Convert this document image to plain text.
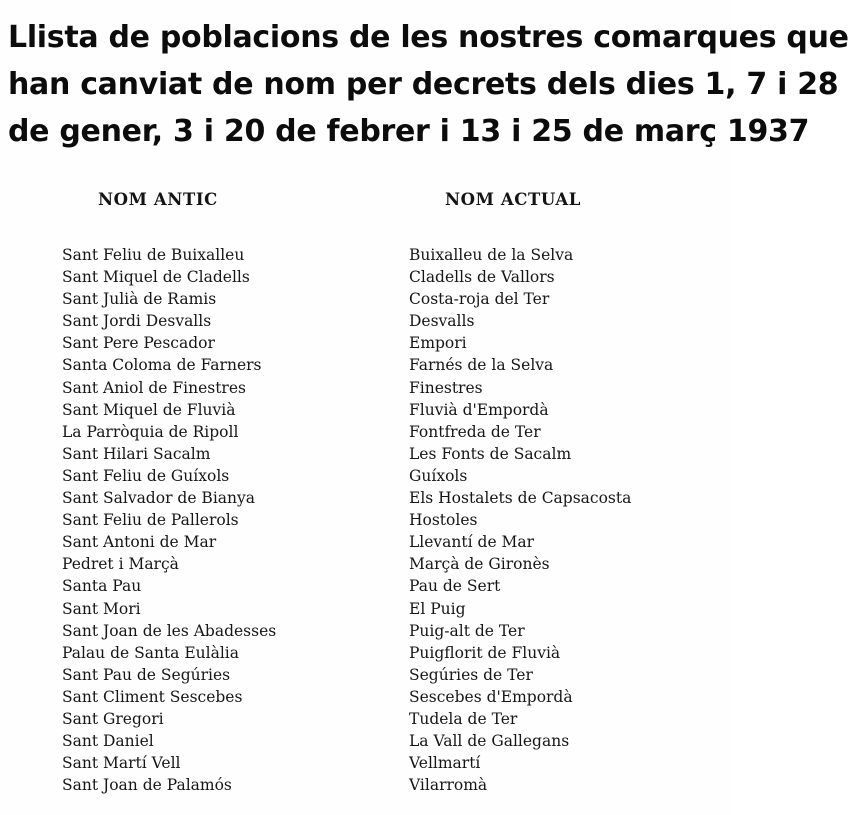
Llista de poblacions de les nostres comarques que
han canviat de nom per decrets dels dies 1, 7 i 28
de gener, 3 i 20 de febrer i 13 i 25 de març 1937
NOM ANTIC	NOM ACTUAL
Sant Feliu de Buixalleu
Sant Miquel de Cladells
Sant Julià de Ramis
Sant Jordi Desvalls
Sant Pere Pescador
Santa Coloma de Farners
Sant Aniol de Finestres
Sant Miquel de Fluvià
La Parròquia de Ripoll
Sant Hilari Sacalm
Sant Feliu de Guíxols
Sant Salvador de Bianya
Sant Feliu de Pallerols
Sant Antoni de Mar
Pedret i Marçà
Santa Pau
Sant Mori
Sant Joan de les Abadesses
Palau de Santa Eulàlia
Sant Pau de Segúries
Sant Climent Sescebes
Sant Gregori
Sant Daniel
Sant Martí Vell
Sant Joan de Palamós
Buixalleu de la Selva
Cladells de Vallors
Costa-roja del Ter
Desvalls
Empori
Farnés de la Selva
Finestres
Fluvià d'Empordà
Fontfreda de Ter
Les Fonts de Sacalm
Guíxols
Els Hostalets de Capsacosta
Hostoles
Llevantí de Mar
Marçà de Gironès
Pau de Sert
El Puig
Puig-alt de Ter
Puigflorit de Fluvià
Segúries de Ter
Sescebes d'Empordà
Tudela de Ter
La Vall de Gallegans
Vellmartí
Vilarromà
